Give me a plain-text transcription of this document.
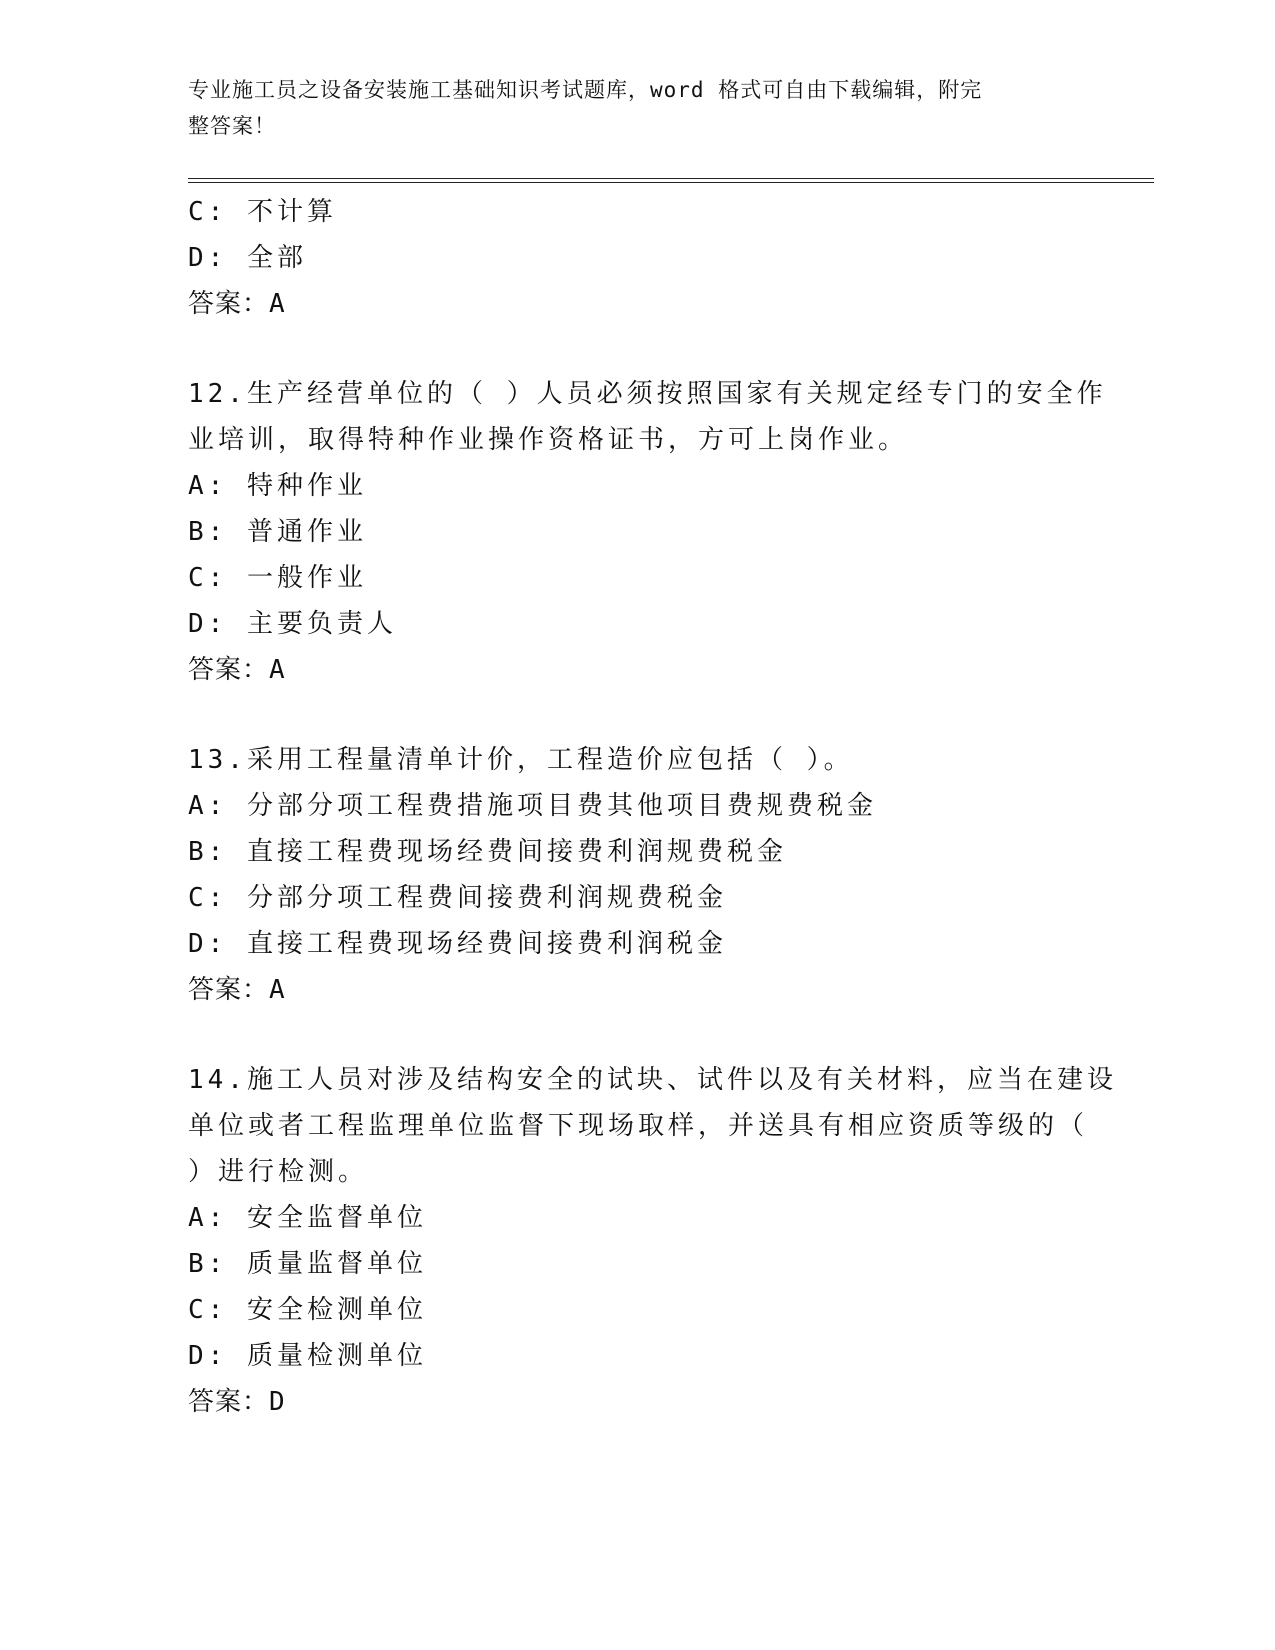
专业施工员之设备安装施工基础知识考试题库，word 格式可自由下载编辑，附完
整答案！
C: 不计算
D: 全部
答案：A
12.生产经营单位的（ ）人员必须按照国家有关规定经专门的安全作
业培训，取得特种作业操作资格证书，方可上岗作业。
A: 特种作业
B: 普通作业
C: 一般作业
D: 主要负责人
答案：A
13.采用工程量清单计价，工程造价应包括（ ）。
A: 分部分项工程费措施项目费其他项目费规费税金
B: 直接工程费现场经费间接费利润规费税金
C: 分部分项工程费间接费利润规费税金
D: 直接工程费现场经费间接费利润税金
答案：A
14.施工人员对涉及结构安全的试块、试件以及有关材料，应当在建设
单位或者工程监理单位监督下现场取样，并送具有相应资质等级的（
）进行检测。
A: 安全监督单位
B: 质量监督单位
C: 安全检测单位
D: 质量检测单位
答案：D
